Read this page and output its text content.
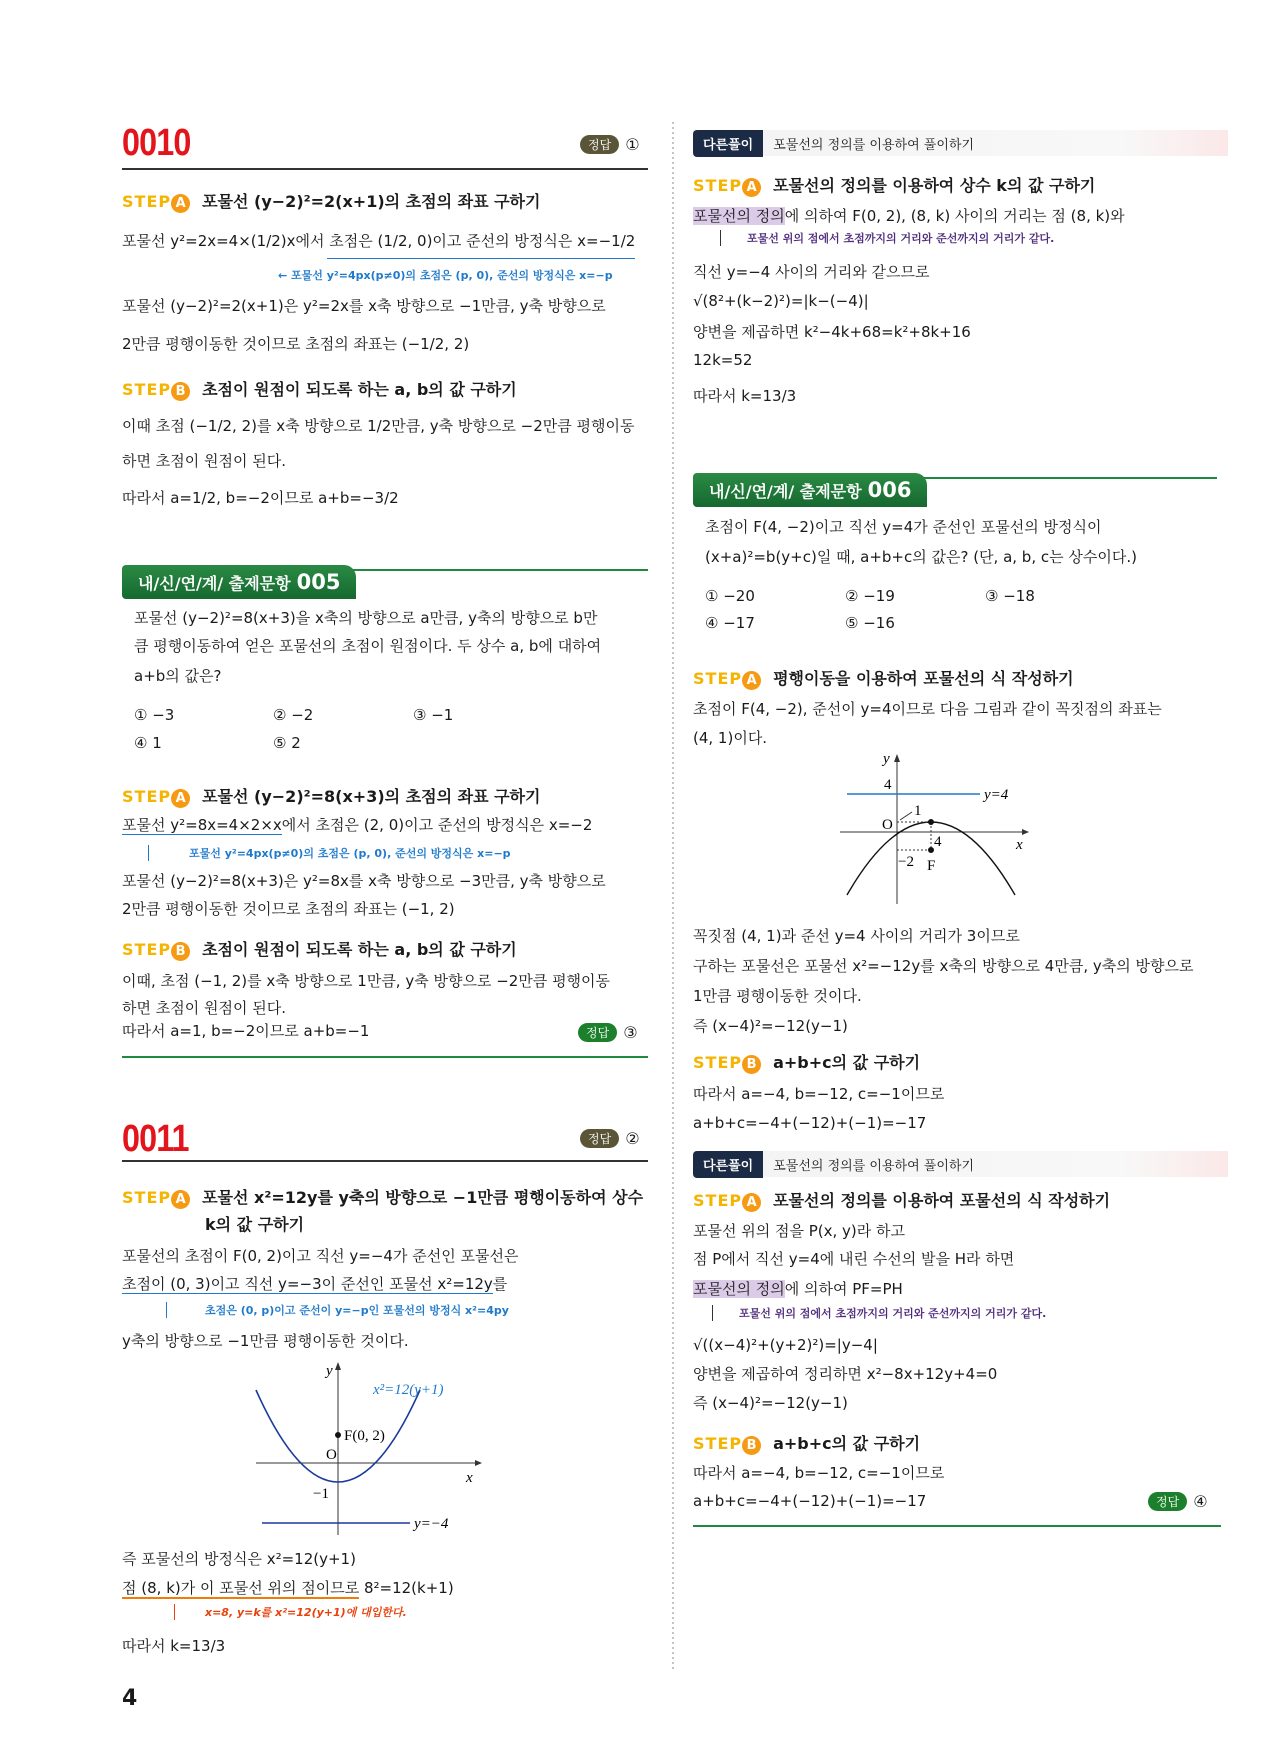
y
x
O
x²=12(y+1)
F(0, 2)
−1
y=−4
y
x
O
4
y=4
1
4
−2 F
0010	정답 ①
STEP A 포물선 (y−2)²=2(x+1)의 초점의 좌표 구하기
포물선 y²=2x=4×(1/2)x에서 초점은 (1/2, 0)이고 준선의 방정식은 x=−1/2
← 포물선 y²=4px(p≠0)의 초점은 (p, 0), 준선의 방정식은 x=−p
포물선 (y−2)²=2(x+1)은 y²=2x를 x축 방향으로 −1만큼, y축 방향으로
2만큼 평행이동한 것이므로 초점의 좌표는 (−1/2, 2)
STEP B 초점이 원점이 되도록 하는 a, b의 값 구하기
이때 초점 (−1/2, 2)를 x축 방향으로 1/2만큼, y축 방향으로 −2만큼 평행이동
하면 초점이 원점이 된다.
따라서 a=1/2, b=−2이므로 a+b=−3/2
내/신/연/계/ 출제문항 005
포물선 (y−2)²=8(x+3)을 x축의 방향으로 a만큼, y축의 방향으로 b만
큼 평행이동하여 얻은 포물선의 초점이 원점이다. 두 상수 a, b에 대하여
a+b의 값은?
① −3	② −2	③ −1
④ 1	⑤ 2
STEP A 포물선 (y−2)²=8(x+3)의 초점의 좌표 구하기
포물선 y²=8x=4×2×x에서 초점은 (2, 0)이고 준선의 방정식은 x=−2
포물선 y²=4px(p≠0)의 초점은 (p, 0), 준선의 방정식은 x=−p
포물선 (y−2)²=8(x+3)은 y²=8x를 x축 방향으로 −3만큼, y축 방향으로
2만큼 평행이동한 것이므로 초점의 좌표는 (−1, 2)
STEP B 초점이 원점이 되도록 하는 a, b의 값 구하기
이때, 초점 (−1, 2)를 x축 방향으로 1만큼, y축 방향으로 −2만큼 평행이동
하면 초점이 원점이 된다.
따라서 a=1, b=−2이므로 a+b=−1	정답 ③
0011	정답 ②
STEP A 포물선 x²=12y를 y축의 방향으로 −1만큼 평행이동하여 상수
k의 값 구하기
포물선의 초점이 F(0, 2)이고 직선 y=−4가 준선인 포물선은
초점이 (0, 3)이고 직선 y=−3이 준선인 포물선 x²=12y를
초점은 (0, p)이고 준선이 y=−p인 포물선의 방정식 x²=4py
y축의 방향으로 −1만큼 평행이동한 것이다.
즉 포물선의 방정식은 x²=12(y+1)
점 (8, k)가 이 포물선 위의 점이므로 8²=12(k+1)
x=8, y=k를 x²=12(y+1)에 대입한다.
따라서 k=13/3
4
다른풀이 포물선의 정의를 이용하여 풀이하기
STEP A 포물선의 정의를 이용하여 상수 k의 값 구하기
포물선의 정의에 의하여 F(0, 2), (8, k) 사이의 거리는 점 (8, k)와
포물선 위의 점에서 초점까지의 거리와 준선까지의 거리가 같다.
직선 y=−4 사이의 거리와 같으므로
√(8²+(k−2)²)=|k−(−4)|
양변을 제곱하면 k²−4k+68=k²+8k+16
12k=52
따라서 k=13/3
내/신/연/계/ 출제문항 006
초점이 F(4, −2)이고 직선 y=4가 준선인 포물선의 방정식이
(x+a)²=b(y+c)일 때, a+b+c의 값은? (단, a, b, c는 상수이다.)
① −20	② −19	③ −18
④ −17	⑤ −16
STEP A 평행이동을 이용하여 포물선의 식 작성하기
초점이 F(4, −2), 준선이 y=4이므로 다음 그림과 같이 꼭짓점의 좌표는
(4, 1)이다.
꼭짓점 (4, 1)과 준선 y=4 사이의 거리가 3이므로
구하는 포물선은 포물선 x²=−12y를 x축의 방향으로 4만큼, y축의 방향으로
1만큼 평행이동한 것이다.
즉 (x−4)²=−12(y−1)
STEP B a+b+c의 값 구하기
따라서 a=−4, b=−12, c=−1이므로
a+b+c=−4+(−12)+(−1)=−17
다른풀이 포물선의 정의를 이용하여 풀이하기
STEP A 포물선의 정의를 이용하여 포물선의 식 작성하기
포물선 위의 점을 P(x, y)라 하고
점 P에서 직선 y=4에 내린 수선의 발을 H라 하면
포물선의 정의에 의하여 PF=PH
포물선 위의 점에서 초점까지의 거리와 준선까지의 거리가 같다.
√((x−4)²+(y+2)²)=|y−4|
양변을 제곱하여 정리하면 x²−8x+12y+4=0
즉 (x−4)²=−12(y−1)
STEP B a+b+c의 값 구하기
따라서 a=−4, b=−12, c=−1이므로
a+b+c=−4+(−12)+(−1)=−17	정답 ④
